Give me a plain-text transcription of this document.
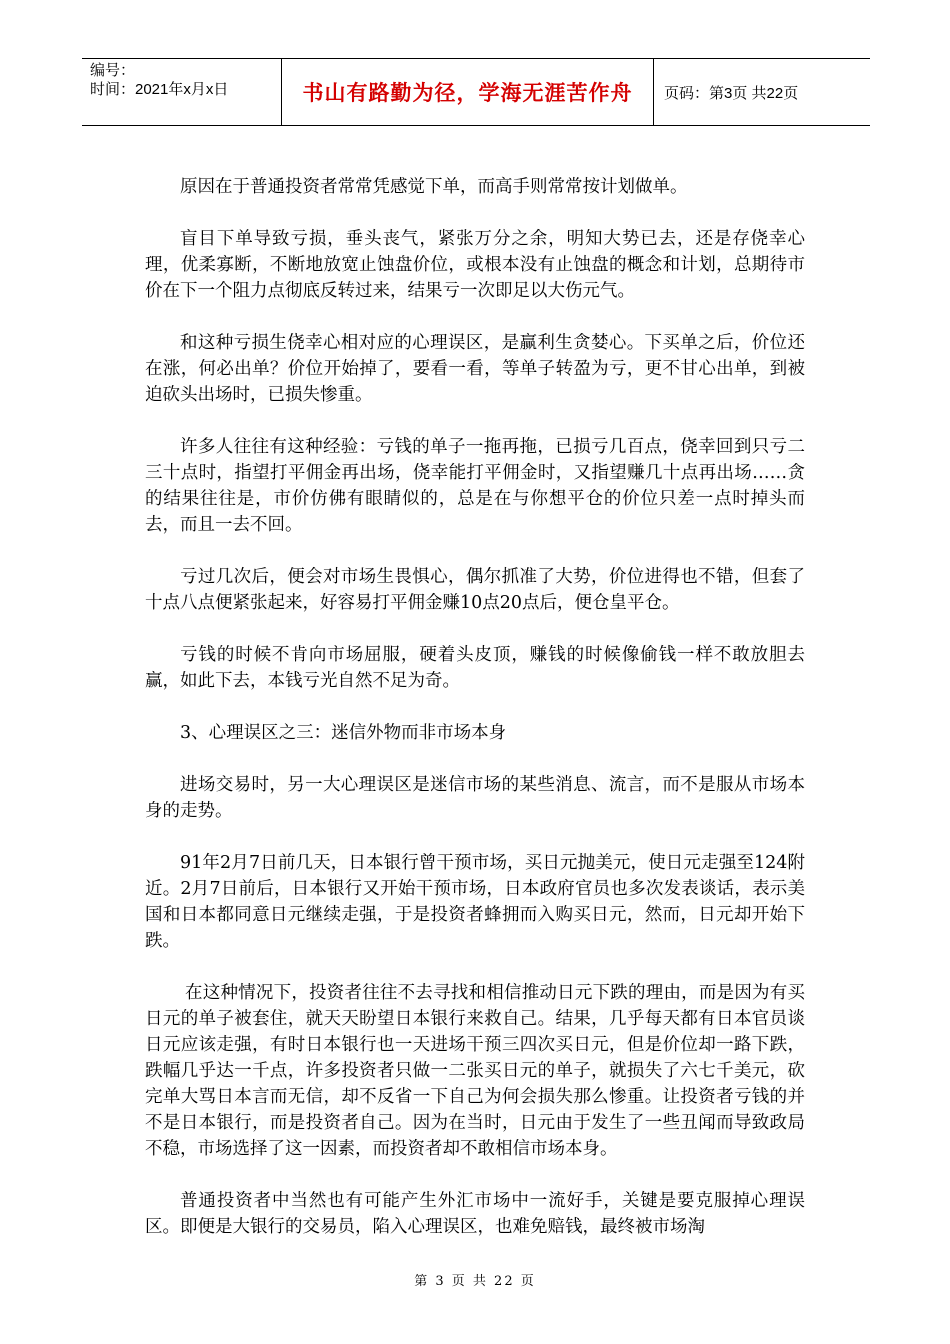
编号：
时间：2021年x月x日	书山有路勤为径，学海无涯苦作舟	页码：第3页 共22页

原因在于普通投资者常常凭感觉下单，而高手则常常按计划做单。

盲目下单导致亏损，垂头丧气，紧张万分之余，明知大势已去，还是存侥幸心理，优柔寡断，不断地放宽止蚀盘价位，或根本没有止蚀盘的概念和计划，总期待市价在下一个阻力点彻底反转过来，结果亏一次即足以大伤元气。

和这种亏损生侥幸心相对应的心理误区，是赢利生贪婪心。下买单之后，价位还在涨，何必出单？价位开始掉了，要看一看，等单子转盈为亏，更不甘心出单，到被迫砍头出场时，已损失惨重。

许多人往往有这种经验：亏钱的单子一拖再拖，已损亏几百点，侥幸回到只亏二三十点时，指望打平佣金再出场，侥幸能打平佣金时，又指望赚几十点再出场……贪的结果往往是，市价仿佛有眼睛似的，总是在与你想平仓的价位只差一点时掉头而去，而且一去不回。

亏过几次后，便会对市场生畏惧心，偶尔抓准了大势，价位进得也不错，但套了十点八点便紧张起来，好容易打平佣金赚10点20点后，便仓皇平仓。

亏钱的时候不肯向市场屈服，硬着头皮顶，赚钱的时候像偷钱一样不敢放胆去赢，如此下去，本钱亏光自然不足为奇。

3、心理误区之三：迷信外物而非市场本身

进场交易时，另一大心理误区是迷信市场的某些消息、流言，而不是服从市场本身的走势。

91年2月7日前几天，日本银行曾干预市场，买日元抛美元，使日元走强至124附近。2月7日前后，日本银行又开始干预市场，日本政府官员也多次发表谈话，表示美国和日本都同意日元继续走强，于是投资者蜂拥而入购买日元，然而，日元却开始下跌。

在这种情况下，投资者往往不去寻找和相信推动日元下跌的理由，而是因为有买日元的单子被套住，就天天盼望日本银行来救自己。结果，几乎每天都有日本官员谈日元应该走强，有时日本银行也一天进场干预三四次买日元，但是价位却一路下跌，跌幅几乎达一千点，许多投资者只做一二张买日元的单子，就损失了六七千美元，砍完单大骂日本言而无信，却不反省一下自己为何会损失那么惨重。让投资者亏钱的并不是日本银行，而是投资者自己。因为在当时，日元由于发生了一些丑闻而导致政局不稳，市场选择了这一因素，而投资者却不敢相信市场本身。

普通投资者中当然也有可能产生外汇市场中一流好手，关键是要克服掉心理误区。即便是大银行的交易员，陷入心理误区，也难免赔钱，最终被市场淘

第 3 页 共 22 页
